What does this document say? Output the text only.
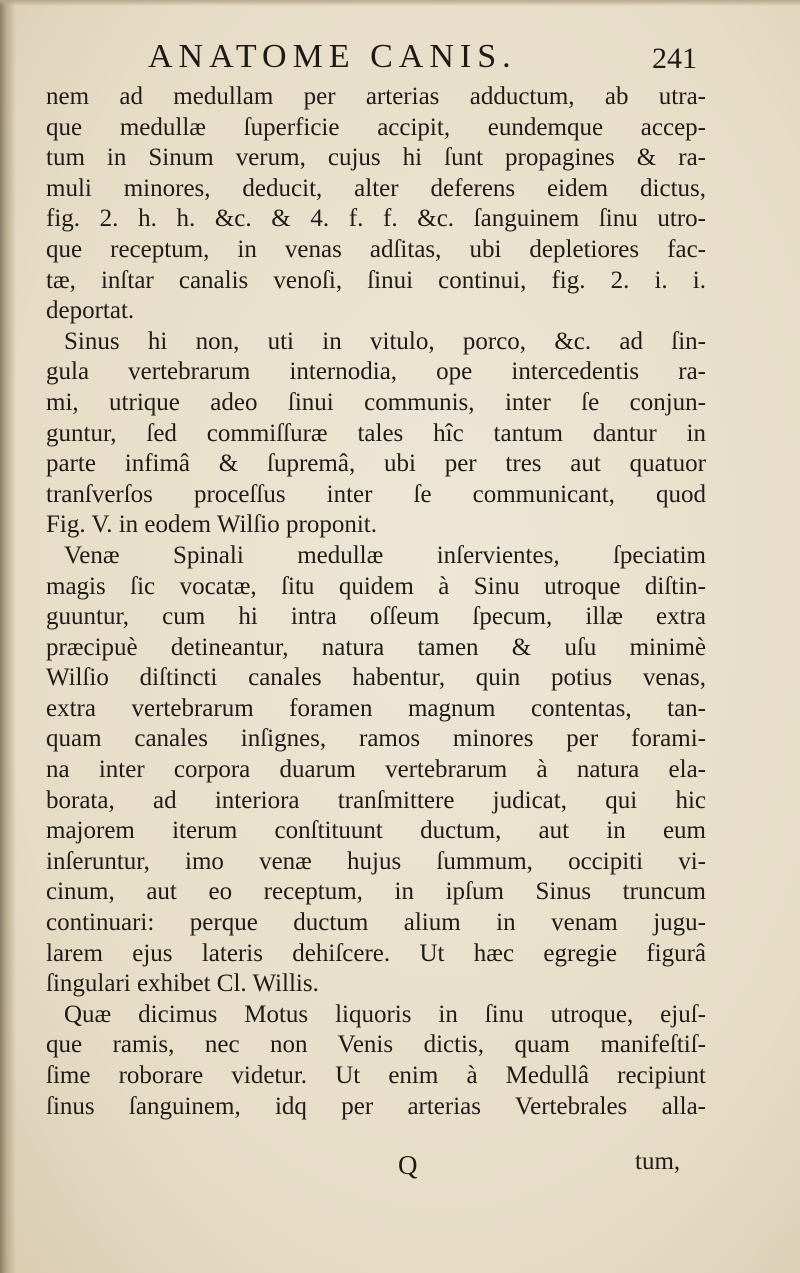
ANATOME CANIS.	241
nem ad medullam per arterias adductum, ab utra-
que medullæ ſuperficie accipit, eundemque accep-
tum in Sinum verum, cujus hi ſunt propagines & ra-
muli minores, deducit, alter deferens eidem dictus,
fig. 2. h. h. &c. & 4. f. f. &c. ſanguinem ſinu utro-
que receptum, in venas adſitas, ubi depletiores fac-
tæ, inſtar canalis venoſi, ſinui continui, fig. 2. i. i.
deportat.
Sinus hi non, uti in vitulo, porco, &c. ad ſin-
gula vertebrarum internodia, ope intercedentis ra-
mi, utrique adeo ſinui communis, inter ſe conjun-
guntur, ſed commiſſuræ tales hîc tantum dantur in
parte infimâ & ſupremâ, ubi per tres aut quatuor
tranſverſos proceſſus inter ſe communicant, quod
Fig. V. in eodem Wilſio proponit.
Venæ Spinali medullæ inſervientes, ſpeciatim
magis ſic vocatæ, ſitu quidem à Sinu utroque diſtin-
guuntur, cum hi intra oſſeum ſpecum, illæ extra
præcipuè detineantur, natura tamen & uſu minimè
Wilſio diſtincti canales habentur, quin potius venas,
extra vertebrarum foramen magnum contentas, tan-
quam canales inſignes, ramos minores per forami-
na inter corpora duarum vertebrarum à natura ela-
borata, ad interiora tranſmittere judicat, qui hic
majorem iterum conſtituunt ductum, aut in eum
inſeruntur, imo venæ hujus ſummum, occipiti vi-
cinum, aut eo receptum, in ipſum Sinus truncum
continuari: perque ductum alium in venam jugu-
larem ejus lateris dehiſcere. Ut hæc egregie figurâ
ſingulari exhibet Cl. Willis.
Quæ dicimus Motus liquoris in ſinu utroque, ejuſ-
que ramis, nec non Venis dictis, quam manifeſtiſ-
ſime roborare videtur. Ut enim à Medullâ recipiunt
ſinus ſanguinem, idq per arterias Vertebrales alla-
Q	tum,
